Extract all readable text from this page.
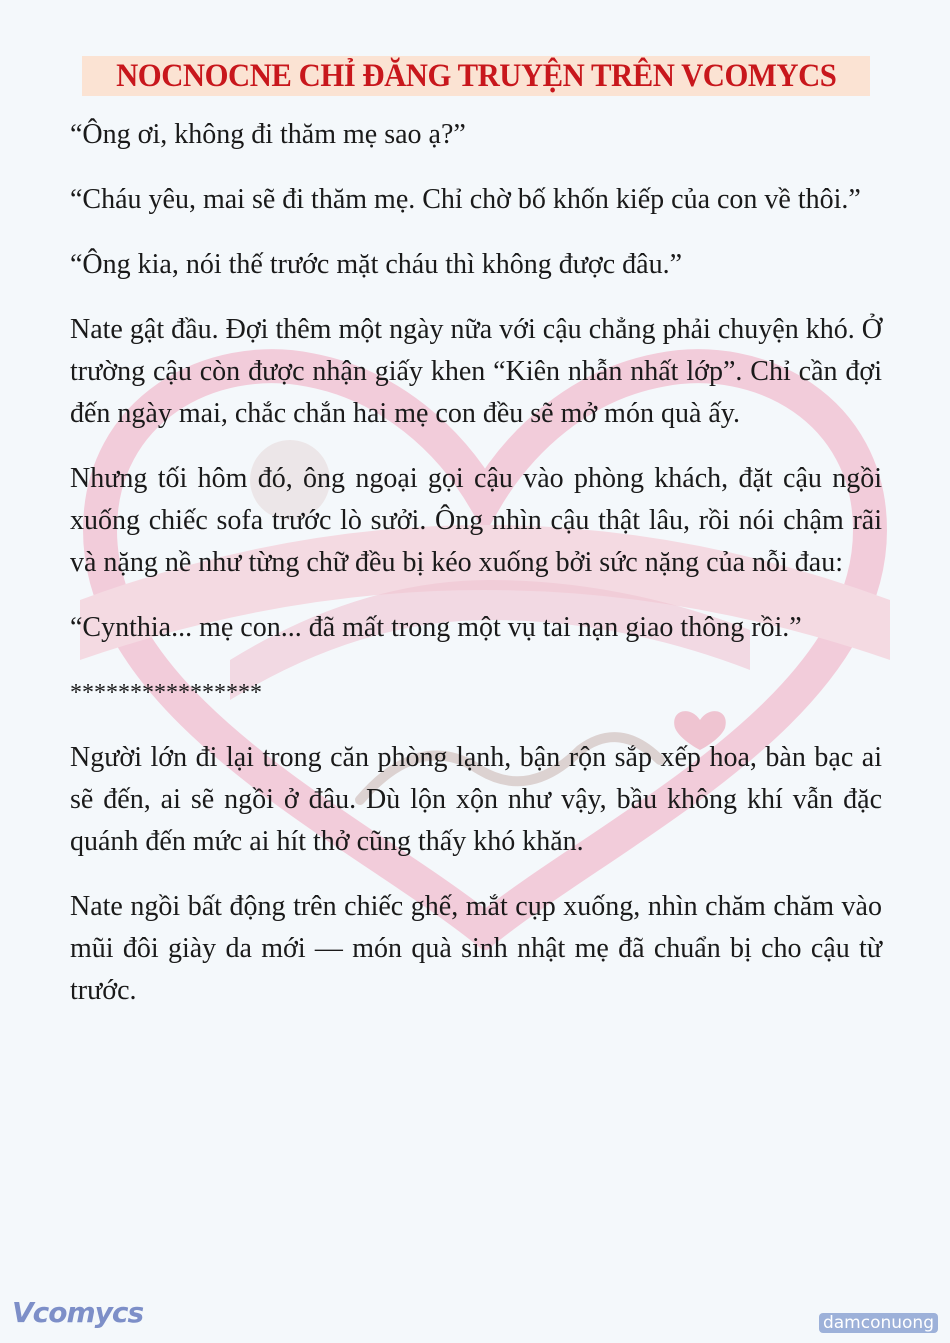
NOCNOCNE CHỈ ĐĂNG TRUYỆN TRÊN VCOMYCS

“Ông ơi, không đi thăm mẹ sao ạ?”

“Cháu yêu, mai sẽ đi thăm mẹ. Chỉ chờ bố khốn kiếp của con về thôi.”

“Ông kia, nói thế trước mặt cháu thì không được đâu.”

Nate gật đầu. Đợi thêm một ngày nữa với cậu chẳng phải chuyện khó. Ở trường cậu còn được nhận giấy khen “Kiên nhẫn nhất lớp”. Chỉ cần đợi đến ngày mai, chắc chắn hai mẹ con đều sẽ mở món quà ấy.

Nhưng tối hôm đó, ông ngoại gọi cậu vào phòng khách, đặt cậu ngồi xuống chiếc sofa trước lò sưởi. Ông nhìn cậu thật lâu, rồi nói chậm rãi và nặng nề như từng chữ đều bị kéo xuống bởi sức nặng của nỗi đau:

“Cynthia... mẹ con... đã mất trong một vụ tai nạn giao thông rồi.”

****************

Người lớn đi lại trong căn phòng lạnh, bận rộn sắp xếp hoa, bàn bạc ai sẽ đến, ai sẽ ngồi ở đâu. Dù lộn xộn như vậy, bầu không khí vẫn đặc quánh đến mức ai hít thở cũng thấy khó khăn.

Nate ngồi bất động trên chiếc ghế, mắt cụp xuống, nhìn chăm chăm vào mũi đôi giày da mới — món quà sinh nhật mẹ đã chuẩn bị cho cậu từ trước.

Vcomycs	damconuong
